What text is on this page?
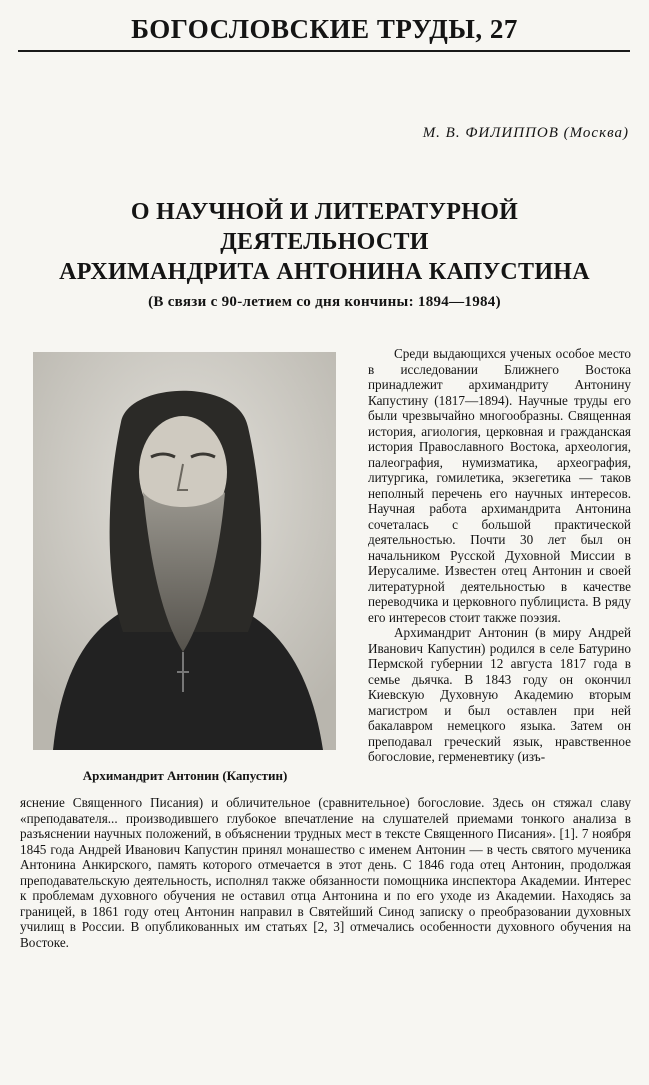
БОГОСЛОВСКИЕ ТРУДЫ, 27
М. В. ФИЛИППОВ (Москва)
О НАУЧНОЙ И ЛИТЕРАТУРНОЙ
ДЕЯТЕЛЬНОСТИ
АРХИМАНДРИТА АНТОНИНА КАПУСТИНА
(В связи с 90-летием со дня кончины: 1894—1984)
Архимандрит Антонин (Капустин)

Среди выдающихся ученых особое место в исследовании Ближнего Востока принадлежит архимандриту Антонину Капустину (1817—1894). Научные труды его были чрезвычайно многообразны. Священная история, агиология, церковная и гражданская история Православного Востока, археология, палеография, нумизматика, археография, литургика, гомилетика, экзегетика — таков неполный перечень его научных интересов. Научная работа архимандрита Антонина сочеталась с большой практической деятельностью. Почти 30 лет был он начальником Русской Духовной Миссии в Иерусалиме. Известен отец Антонин и своей литературной деятельностью в качестве переводчика и церковного публициста. В ряду его интересов стоит также поэзия.

Архимандрит Антонин (в миру Андрей Иванович Капустин) родился в селе Батурино Пермской губернии 12 августа 1817 года в семье дьячка. В 1843 году он окончил Киевскую Духовную Академию вторым магистром и был оставлен при ней бакалавром немецкого языка. Затем он преподавал греческий язык, нравственное богословие, герменевтику (изъ-

яснение Священного Писания) и обличительное (сравнительное) богословие. Здесь он стяжал славу «преподавателя... производившего глубокое впечатление на слушателей приемами тонкого анализа в разъяснении научных положений, в объяснении трудных мест в тексте Священного Писания». [1]. 7 ноября 1845 года Андрей Иванович Капустин принял монашество с именем Антонин — в честь святого мученика Антонина Анкирского, память которого отмечается в этот день. С 1846 года отец Антонин, продолжая преподавательскую деятельность, исполнял также обязанности помощника инспектора Академии. Интерес к проблемам духовного обучения не оставил отца Антонина и по его уходе из Академии. Находясь за границей, в 1861 году отец Антонин направил в Святейший Синод записку о преобразовании духовных училищ в России. В опубликованных им статьях [2, 3] отмечались особенности духовного обучения на Востоке.
